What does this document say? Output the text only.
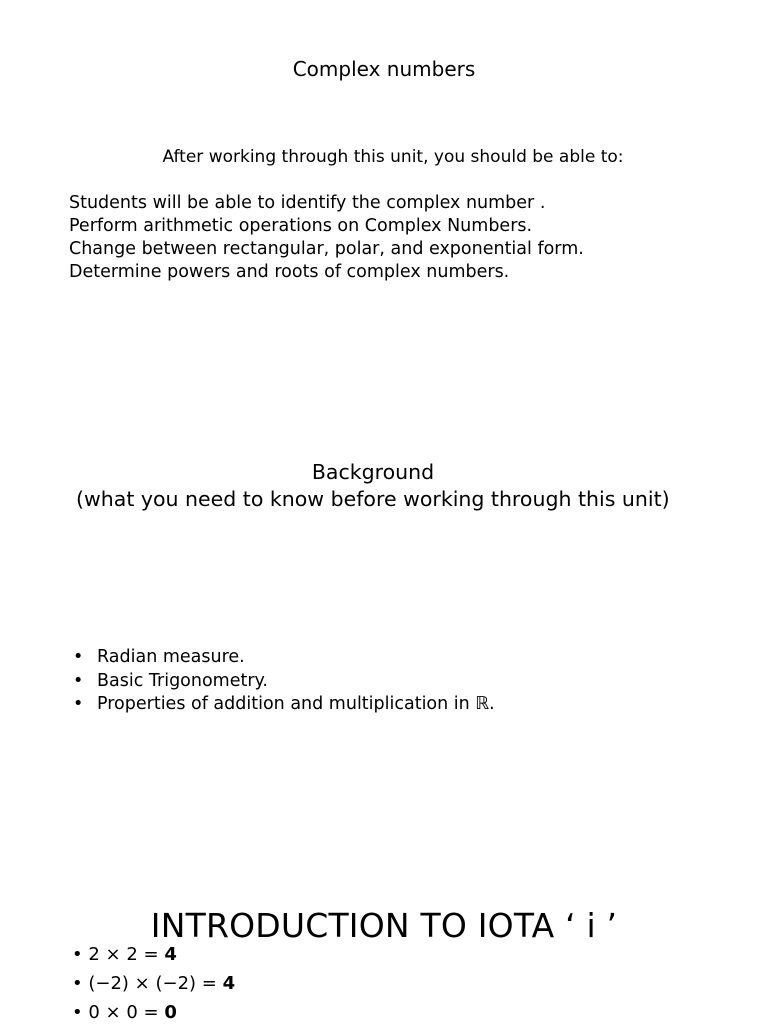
Complex numbers
After working through this unit, you should be able to:
Students will be able to identify the complex number .
Perform arithmetic operations on Complex Numbers.
Change between rectangular, polar, and exponential form.
Determine powers and roots of complex numbers.
Background
(what you need to know before working through this unit)
• Radian measure.
• Basic Trigonometry.
• Properties of addition and multiplication in ℝ.
INTRODUCTION TO IOTA ‘ i ’
• 2 × 2 = 4
• (−2) × (−2) = 4
• 0 × 0 = 0
